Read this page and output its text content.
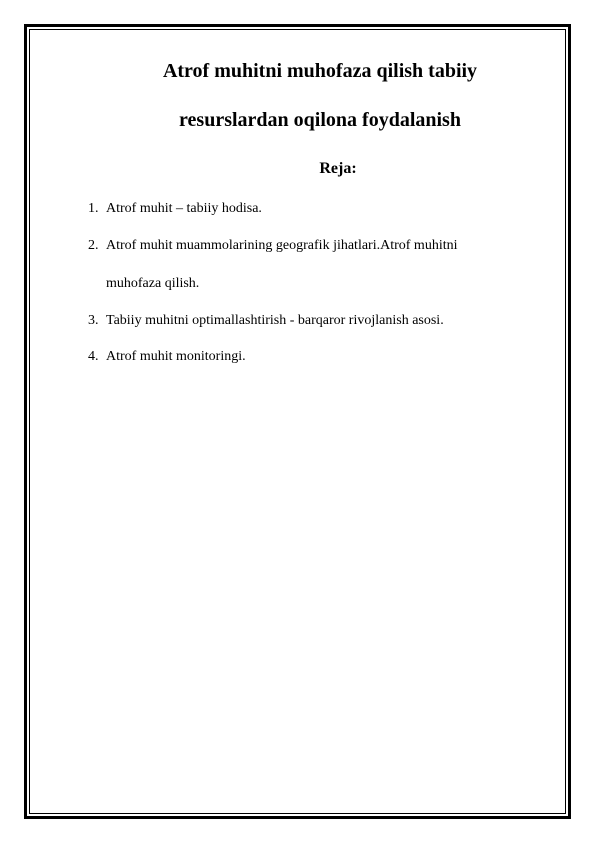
Atrof muhitni muhofaza qilish tabiiy
resurslardan oqilona foydalanish
Reja:
1. Atrof muhit – tabiiy hodisa.
2. Atrof muhit muammolarining geografik jihatlari.Atrof muhitni
muhofaza qilish.
3. Tabiiy muhitni optimallashtirish - barqaror rivojlanish asosi.
4. Atrof muhit monitoringi.
